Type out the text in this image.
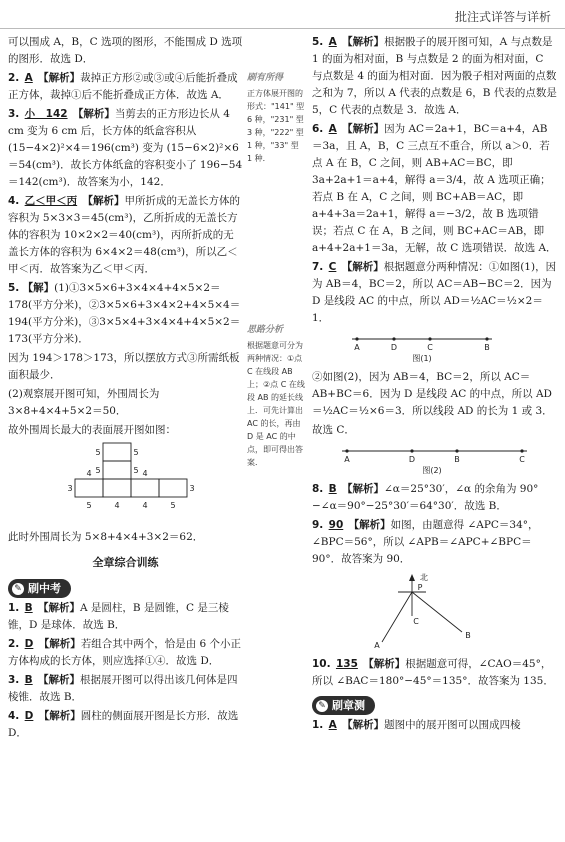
批注式详答与详析

可以围成 A，B，C 选项的图形，不能围成 D 选项的图形．故选 D．

2. A 【解析】裁掉正方形②或③或④后能折叠成正方体，裁掉①后不能折叠成正方体．故选 A．

3. 小　142 【解析】当剪去的正方形边长从 4 cm 变为 6 cm 后，长方体的纸盒容积从 (15−4×2)²×4＝196(cm³) 变为 (15−6×2)²×6＝54(cm³)．故长方体纸盒的容积变小了 196−54＝142(cm³)．故答案为小，142．

4. 乙＜甲＜丙 【解析】甲所折成的无盖长方体的容积为 5×3×3＝45(cm³)，乙所折成的无盖长方体的容积为 10×2×2＝40(cm³)，丙所折成的无盖长方体的容积为 6×4×2＝48(cm³)，所以乙＜甲＜丙．故答案为乙＜甲＜丙．

5. 【解】(1)①3×5×6+3×4×4+4×5×2＝178(平方分米)，②3×5×6+3×4×2+4×5×4＝194(平方分米)，③3×5×4+3×4×4+4×5×2＝173(平方分米)．

因为 194＞178＞173，所以摆放方式③所需纸板面积最少．

(2)观察展开图可知，外围周长为 3×8+4×4+5×2＝50．

故外围周长最大的表面展开图如图：

5	5
5	5
5	5
3	3
4	4
4	4

此时外围周长为 5×8+4×4+3×2＝62．

全章综合训练
✎ 刷中考

1. B 【解析】A 是圆柱，B 是圆锥，C 是三棱锥，D 是球体．故选 B．

2. D 【解析】若组合其中两个，恰是由 6 个小正方体构成的长方体，则应选择①④．故选 D．

3. B 【解析】根据展开图可以得出该几何体是四棱锥．故选 B．

4. D 【解析】圆柱的侧面展开图是长方形．故选 D．

刷有所得
正方体展开图的形式："141" 型 6 种，"231" 型 3 种，"222" 型 1 种，"33" 型 1 种．
思路分析
根据题意可分为两种情况：①点 C 在线段 AB 上；②点 C 在线段 AB 的延长线上．可先计算出 AC 的长，再由 D 是 AC 的中点，即可得出答案．

5. A 【解析】根据骰子的展开图可知，A 与点数是 1 的面为相对面，B 与点数是 2 的面为相对面，C 与点数是 4 的面为相对面．因为骰子相对两面的点数之和为 7，所以 A 代表的点数是 6，B 代表的点数是 5，C 代表的点数是 3．故选 A．

6. A 【解析】因为 AC＝2a+1，BC＝a+4，AB＝3a，且 A，B，C 三点互不重合，所以 a＞0．若点 A 在 B，C 之间，则 AB+AC＝BC，即 3a+2a+1＝a+4，解得 a＝3/4，故 A 选项正确；若点 B 在 A，C 之间，则 BC+AB＝AC，即 a+4+3a＝2a+1，解得 a＝−3/2，故 B 选项错误；若点 C 在 A，B 之间，则 BC+AC＝AB，即 a+4+2a+1＝3a，无解，故 C 选项错误．故选 A．

7. C 【解析】根据题意分两种情况：①如图(1)，因为 AB＝4，BC＝2，所以 AC＝AB−BC＝2．因为 D 是线段 AC 的中点，所以 AD＝½AC＝½×2＝1．

A	D	C	B
图(1)

②如图(2)，因为 AB＝4，BC＝2，所以 AC＝AB+BC＝6．因为 D 是线段 AC 的中点，所以 AD＝½AC＝½×6＝3．所以线段 AD 的长为 1 或 3．

故选 C．

A	D	B	C
图(2)

8. B 【解析】∠α＝25°30′，∠α 的余角为 90°−∠α＝90°−25°30′＝64°30′．故选 B．

9. 90 【解析】如图，由题意得 ∠APC＝34°，∠BPC＝56°，所以 ∠APB＝∠APC+∠BPC＝90°．故答案为 90．

北
P
A
C
B

10. 135 【解析】根据题意可得，∠CAO＝45°，所以 ∠BAC＝180°−45°＝135°．故答案为 135．

✎ 刷章测

1. A 【解析】题图中的展开图可以围成四棱
